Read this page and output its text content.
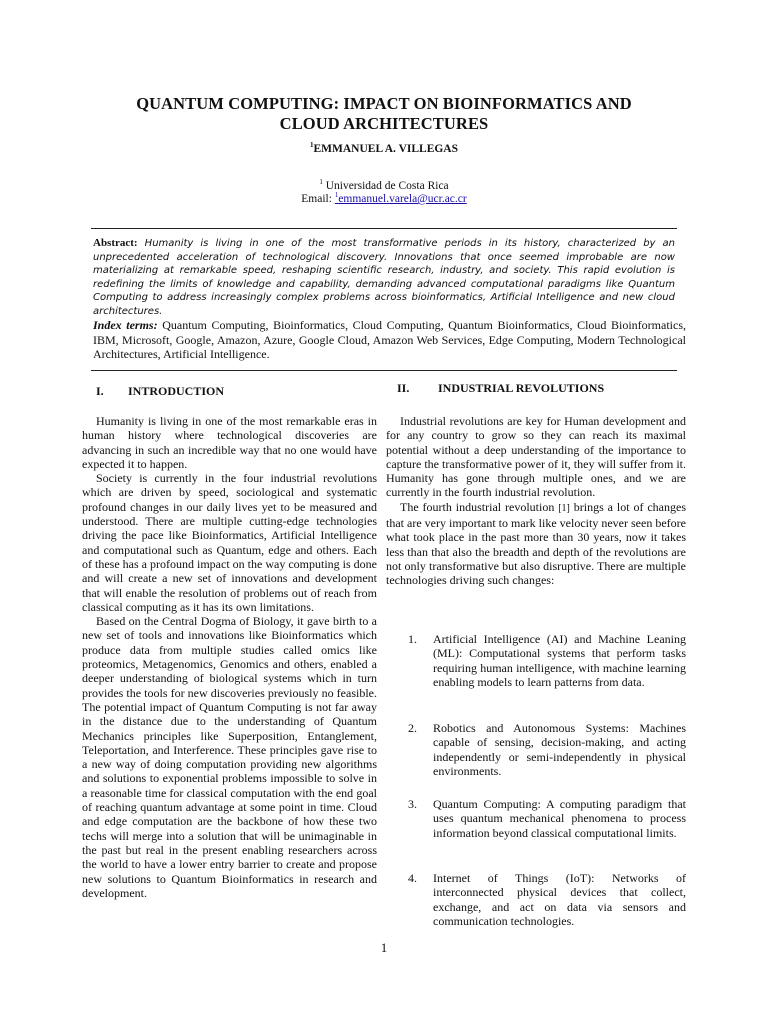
QUANTUM COMPUTING: IMPACT ON BIOINFORMATICS AND
CLOUD ARCHITECTURES
$^1$EMMANUEL A. VILLEGAS
$^1$ Universidad de Costa Rica
Email: $^1$emmanuel.varela@ucr.ac.cr
Abstract: Humanity is living in one of the most transformative periods in its history, characterized by an unprecedented acceleration of technological discovery. Innovations that once seemed improbable are now materializing at remarkable speed, reshaping scientific research, industry, and society. This rapid evolution is redefining the limits of knowledge and capability, demanding advanced computational paradigms like Quantum Computing to address increasingly complex problems across bioinformatics, Artificial Intelligence and new cloud architectures.
Index terms: Quantum Computing, Bioinformatics, Cloud Computing, Quantum Bioinformatics, Cloud Bioinformatics, IBM, Microsoft, Google, Amazon, Azure, Google Cloud, Amazon Web Services, Edge Computing, Modern Technological Architectures, Artificial Intelligence.
I. INTRODUCTION

Humanity is living in one of the most remarkable eras in human history where technological discoveries are advancing in such an incredible way that no one would have expected it to happen.

Society is currently in the four industrial revolutions which are driven by speed, sociological and systematic profound changes in our daily lives yet to be measured and understood. There are multiple cutting-edge technologies driving the pace like Bioinformatics, Artificial Intelligence and computational such as Quantum, edge and others. Each of these has a profound impact on the way computing is done and will create a new set of innovations and development that will enable the resolution of problems out of reach from classical computing as it has its own limitations.

Based on the Central Dogma of Biology, it gave birth to a new set of tools and innovations like Bioinformatics which produce data from multiple studies called omics like proteomics, Metagenomics, Genomics and others, enabled a deeper understanding of biological systems which in turn provides the tools for new discoveries previously no feasible. The potential impact of Quantum Computing is not far away in the distance due to the understanding of Quantum Mechanics principles like Superposition, Entanglement, Teleportation, and Interference. These principles gave rise to a new way of doing computation providing new algorithms and solutions to exponential problems impossible to solve in a reasonable time for classical computation with the end goal of reaching quantum advantage at some point in time. Cloud and edge computation are the backbone of how these two techs will merge into a solution that will be unimaginable in the past but real in the present enabling researchers across the world to have a lower entry barrier to create and propose new solutions to Quantum Bioinformatics in research and development.

II. INDUSTRIAL REVOLUTIONS

Industrial revolutions are key for Human development and for any country to grow so they can reach its maximal potential without a deep understanding of the importance to capture the transformative power of it, they will suffer from it. Humanity has gone through multiple ones, and we are currently in the fourth industrial revolution.

The fourth industrial revolution [1] brings a lot of changes that are very important to mark like velocity never seen before what took place in the past more than 30 years, now it takes less than that also the breadth and depth of the revolutions are not only transformative but also disruptive. There are multiple technologies driving such changes:

1. Artificial Intelligence (AI) and Machine Leaning (ML): Computational systems that perform tasks requiring human intelligence, with machine learning enabling models to learn patterns from data.
2. Robotics and Autonomous Systems: Machines capable of sensing, decision-making, and acting independently or semi-independently in physical environments.
3. Quantum Computing: A computing paradigm that uses quantum mechanical phenomena to process information beyond classical computational limits.
4. Internet of Things (IoT): Networks of interconnected physical devices that collect, exchange, and act on data via sensors and communication technologies.
1
